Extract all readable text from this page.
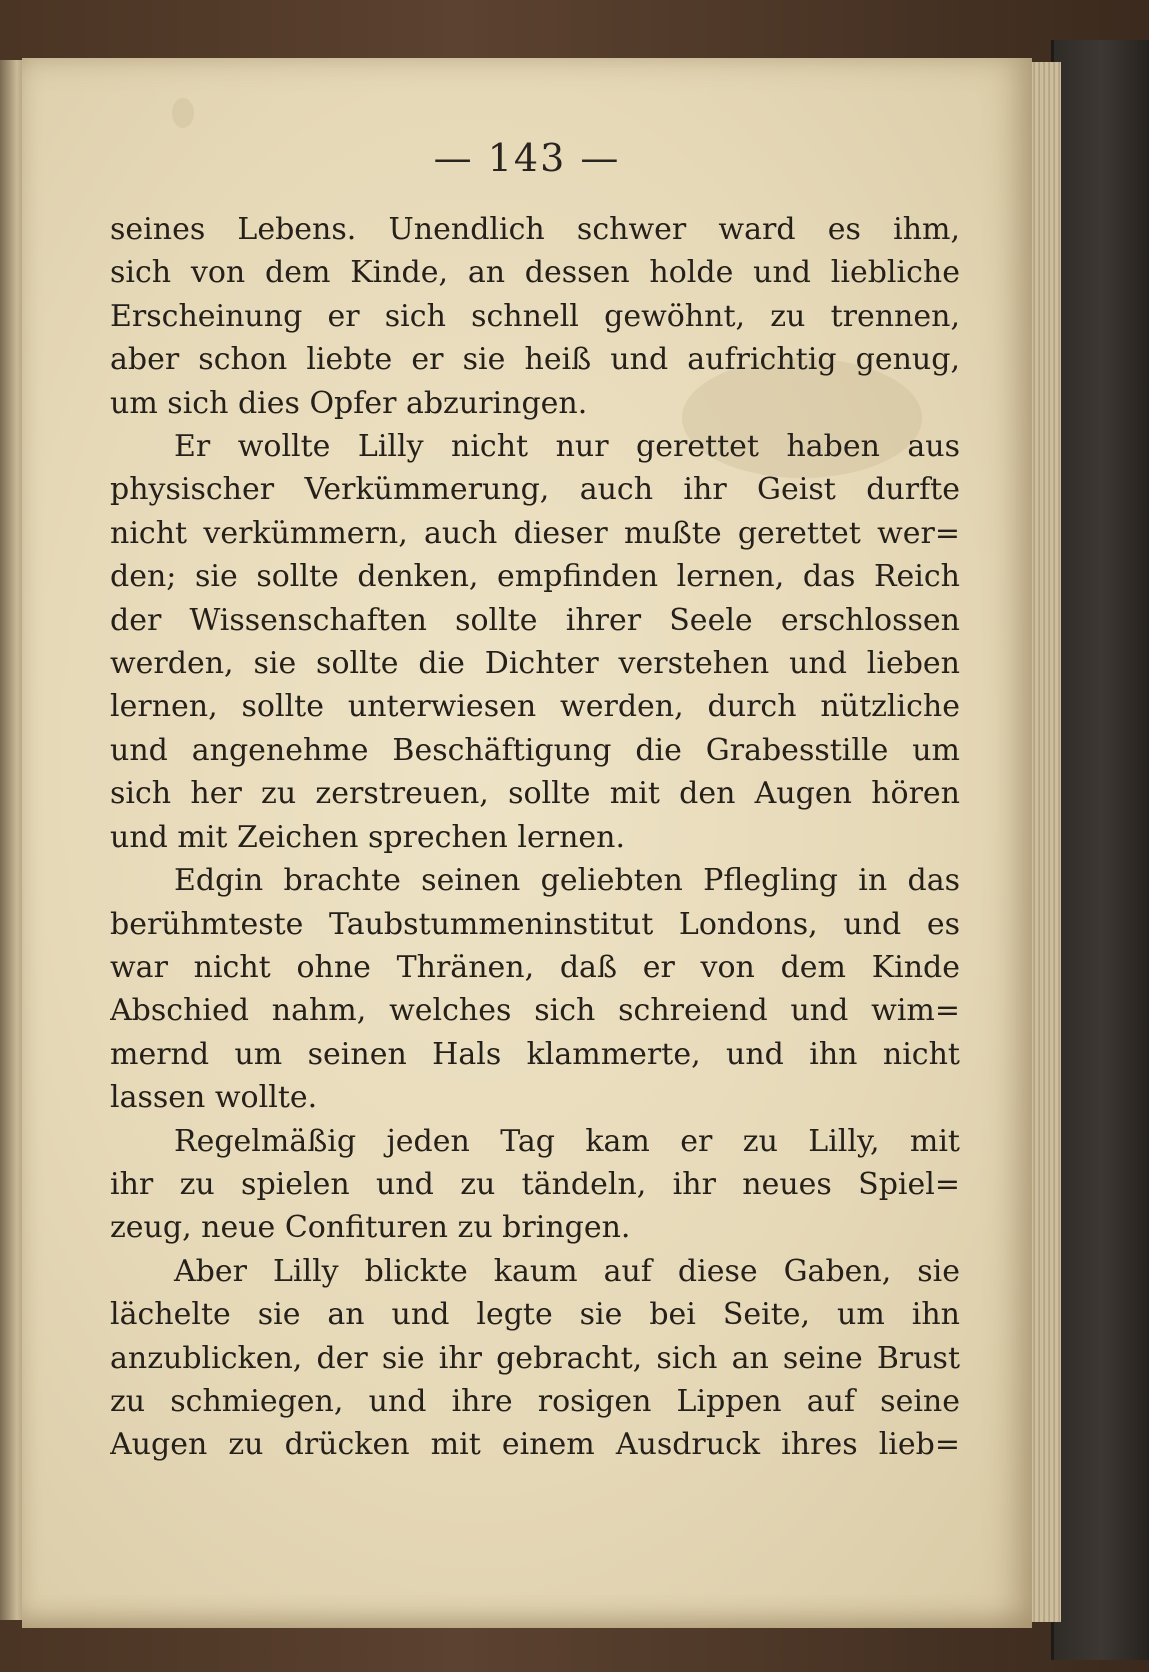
— 143 —
seines Lebens. Unendlich schwer ward es ihm,
sich von dem Kinde, an dessen holde und liebliche
Erscheinung er sich schnell gewöhnt, zu trennen,
aber schon liebte er sie heiß und aufrichtig genug,
um sich dies Opfer abzuringen.
Er wollte Lilly nicht nur gerettet haben aus
physischer Verkümmerung, auch ihr Geist durfte
nicht verkümmern, auch dieser mußte gerettet wer=
den; sie sollte denken, empfinden lernen, das Reich
der Wissenschaften sollte ihrer Seele erschlossen
werden, sie sollte die Dichter verstehen und lieben
lernen, sollte unterwiesen werden, durch nützliche
und angenehme Beschäftigung die Grabesstille um
sich her zu zerstreuen, sollte mit den Augen hören
und mit Zeichen sprechen lernen.
Edgin brachte seinen geliebten Pflegling in das
berühmteste Taubstummeninstitut Londons, und es
war nicht ohne Thränen, daß er von dem Kinde
Abschied nahm, welches sich schreiend und wim=
mernd um seinen Hals klammerte, und ihn nicht
lassen wollte.
Regelmäßig jeden Tag kam er zu Lilly, mit
ihr zu spielen und zu tändeln, ihr neues Spiel=
zeug, neue Confituren zu bringen.
Aber Lilly blickte kaum auf diese Gaben, sie
lächelte sie an und legte sie bei Seite, um ihn
anzublicken, der sie ihr gebracht, sich an seine Brust
zu schmiegen, und ihre rosigen Lippen auf seine
Augen zu drücken mit einem Ausdruck ihres lieb=
